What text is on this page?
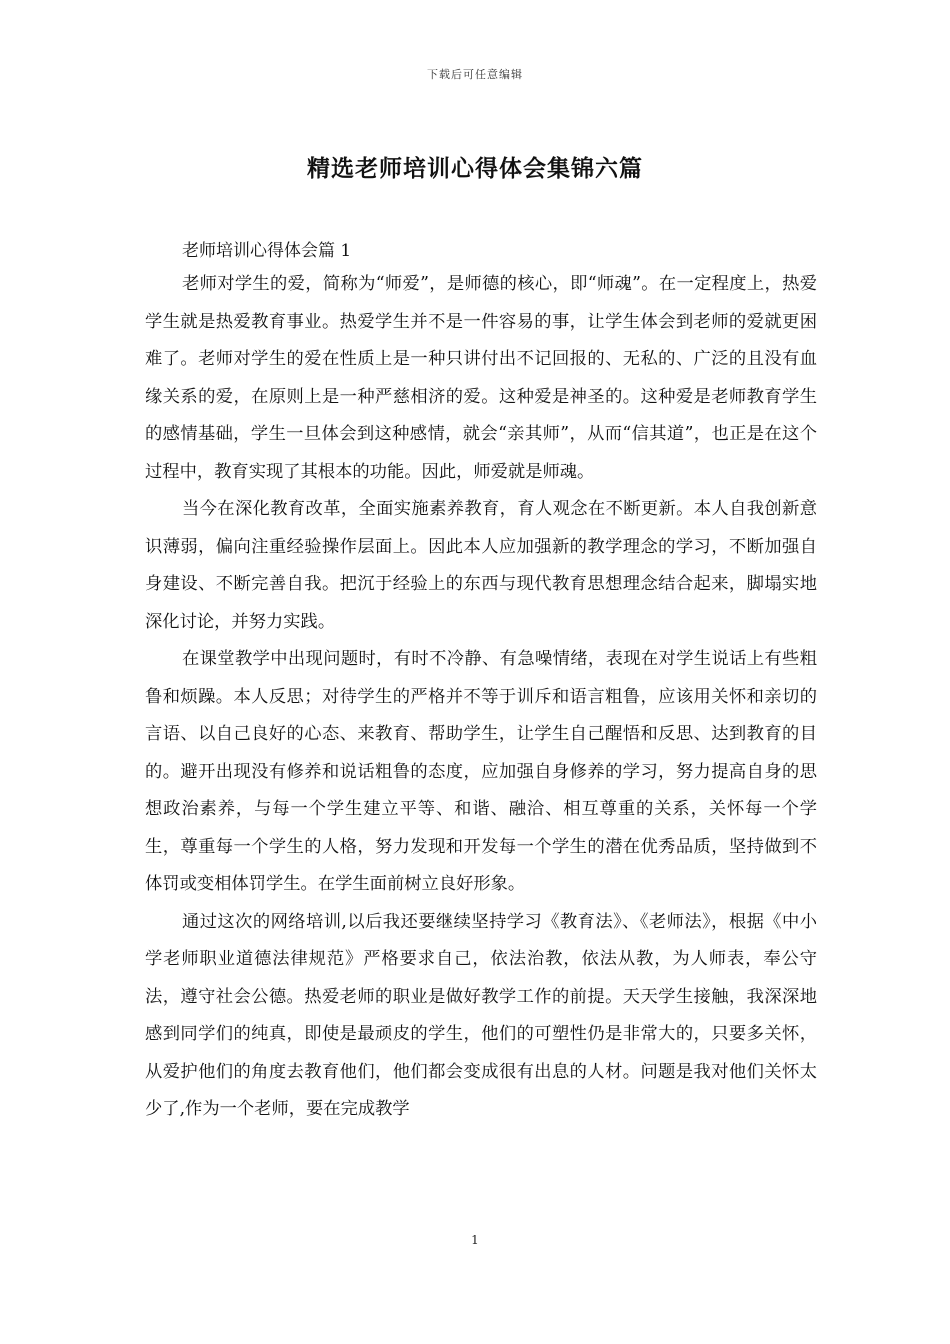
下载后可任意编辑
精选老师培训心得体会集锦六篇

老师培训心得体会篇 1

老师对学生的爱，简称为“师爱”，是师德的核心，即“师魂”。在一定程度上，热爱学生就是热爱教育事业。热爱学生并不是一件容易的事，让学生体会到老师的爱就更困难了。老师对学生的爱在性质上是一种只讲付出不记回报的、无私的、广泛的且没有血缘关系的爱，在原则上是一种严慈相济的爱。这种爱是神圣的。这种爱是老师教育学生的感情基础，学生一旦体会到这种感情，就会“亲其师”，从而“信其道”，也正是在这个过程中，教育实现了其根本的功能。因此，师爱就是师魂。

当今在深化教育改革，全面实施素养教育，育人观念在不断更新。本人自我创新意识薄弱，偏向注重经验操作层面上。因此本人应加强新的教学理念的学习，不断加强自身建设、不断完善自我。把沉于经验上的东西与现代教育思想理念结合起来，脚塌实地深化讨论，并努力实践。

在课堂教学中出现问题时，有时不冷静、有急噪情绪，表现在对学生说话上有些粗鲁和烦躁。本人反思；对待学生的严格并不等于训斥和语言粗鲁，应该用关怀和亲切的言语、以自己良好的心态、来教育、帮助学生，让学生自己醒悟和反思、达到教育的目的。避开出现没有修养和说话粗鲁的态度，应加强自身修养的学习，努力提高自身的思想政治素养，与每一个学生建立平等、和谐、融洽、相互尊重的关系，关怀每一个学生，尊重每一个学生的人格，努力发现和开发每一个学生的潜在优秀品质，坚持做到不体罚或变相体罚学生。在学生面前树立良好形象。

通过这次的网络培训,以后我还要继续坚持学习《教育法》、《老师法》，根据《中小学老师职业道德法律规范》严格要求自己，依法治教，依法从教，为人师表，奉公守法，遵守社会公德。热爱老师的职业是做好教学工作的前提。天天学生接触，我深深地感到同学们的纯真，即使是最顽皮的学生，他们的可塑性仍是非常大的，只要多关怀，从爱护他们的角度去教育他们，他们都会变成很有出息的人材。问题是我对他们关怀太少了,作为一个老师，要在完成教学

1
